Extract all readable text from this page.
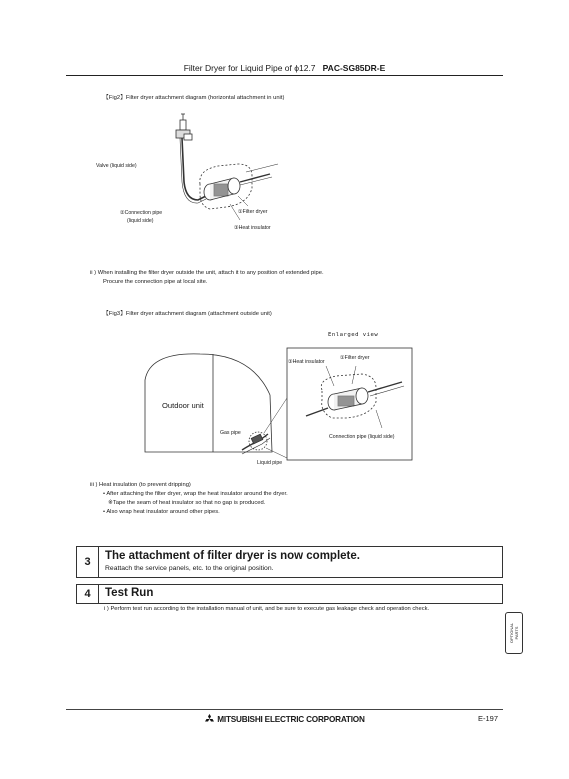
Filter Dryer for Liquid Pipe of ϕ12.7 PAC-SG85DR-E
【Fig2】Filter dryer attachment diagram (horizontal attachment in unit)
Valve (liquid side)
②Connection pipe
(liquid side)
①Filter dryer
③Heat insulator
ii ) When installing the filter dryer outside the unit, attach it to any position of extended pipe.
Procure the connection pipe at local site.
【Fig3】Filter dryer attachment diagram (attachment outside unit)
Enlarged view
③Heat insulator
①Filter dryer
Outdoor unit
Gas pipe
Liquid pipe
Connection pipe (liquid side)
iii ) Heat insulation (to prevent dripping)
• After attaching the filter dryer, wrap the heat insulator around the dryer.
※Tape the seam of heat insulator so that no gap is produced.
• Also wrap heat insulator around other pipes.
3	The attachment of filter dryer is now complete.
Reattach the service panels, etc. to the original position.
4	Test Run
i ) Perform test run according to the installation manual of unit, and be sure to execute gas leakage check and operation check.
OPTIONAL
PARTS
MITSUBISHI ELECTRIC CORPORATION	E-197
